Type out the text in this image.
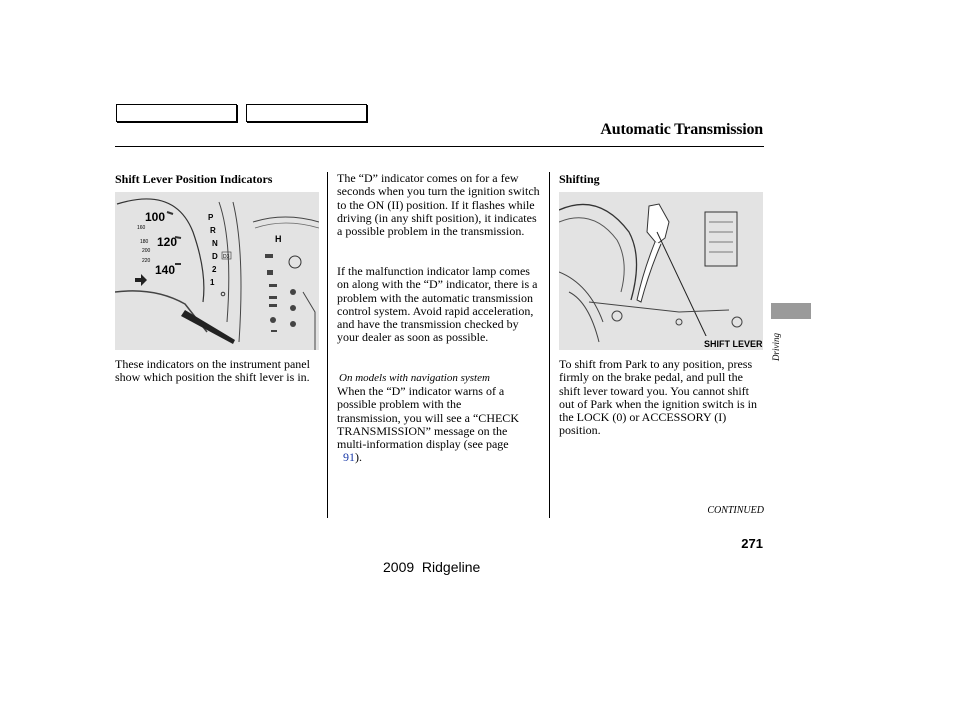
Automatic Transmission
Shift Lever Position Indicators
100
120
140
160
180
200
220
P
R
N
D D3
2
1
H
These indicators on the instrument panel show which position the shift lever is in.
The “D” indicator comes on for a few seconds when you turn the ignition switch to the ON (II) position. If it flashes while driving (in any shift position), it indicates a possible problem in the transmission.
If the malfunction indicator lamp comes on along with the “D” indicator, there is a problem with the automatic transmission control system. Avoid rapid acceleration, and have the transmission checked by your dealer as soon as possible.
On models with navigation system
When the “D” indicator warns of a
possible problem with the
transmission, you will see a “CHECK
TRANSMISSION” message on the
multi-information display (see page
91).
Shifting
SHIFT LEVER
To shift from Park to any position, press firmly on the brake pedal, and pull the shift lever toward you. You cannot shift out of Park when the ignition switch is in the LOCK (0) or ACCESSORY (I) position.
Driving
CONTINUED
271
2009  Ridgeline
